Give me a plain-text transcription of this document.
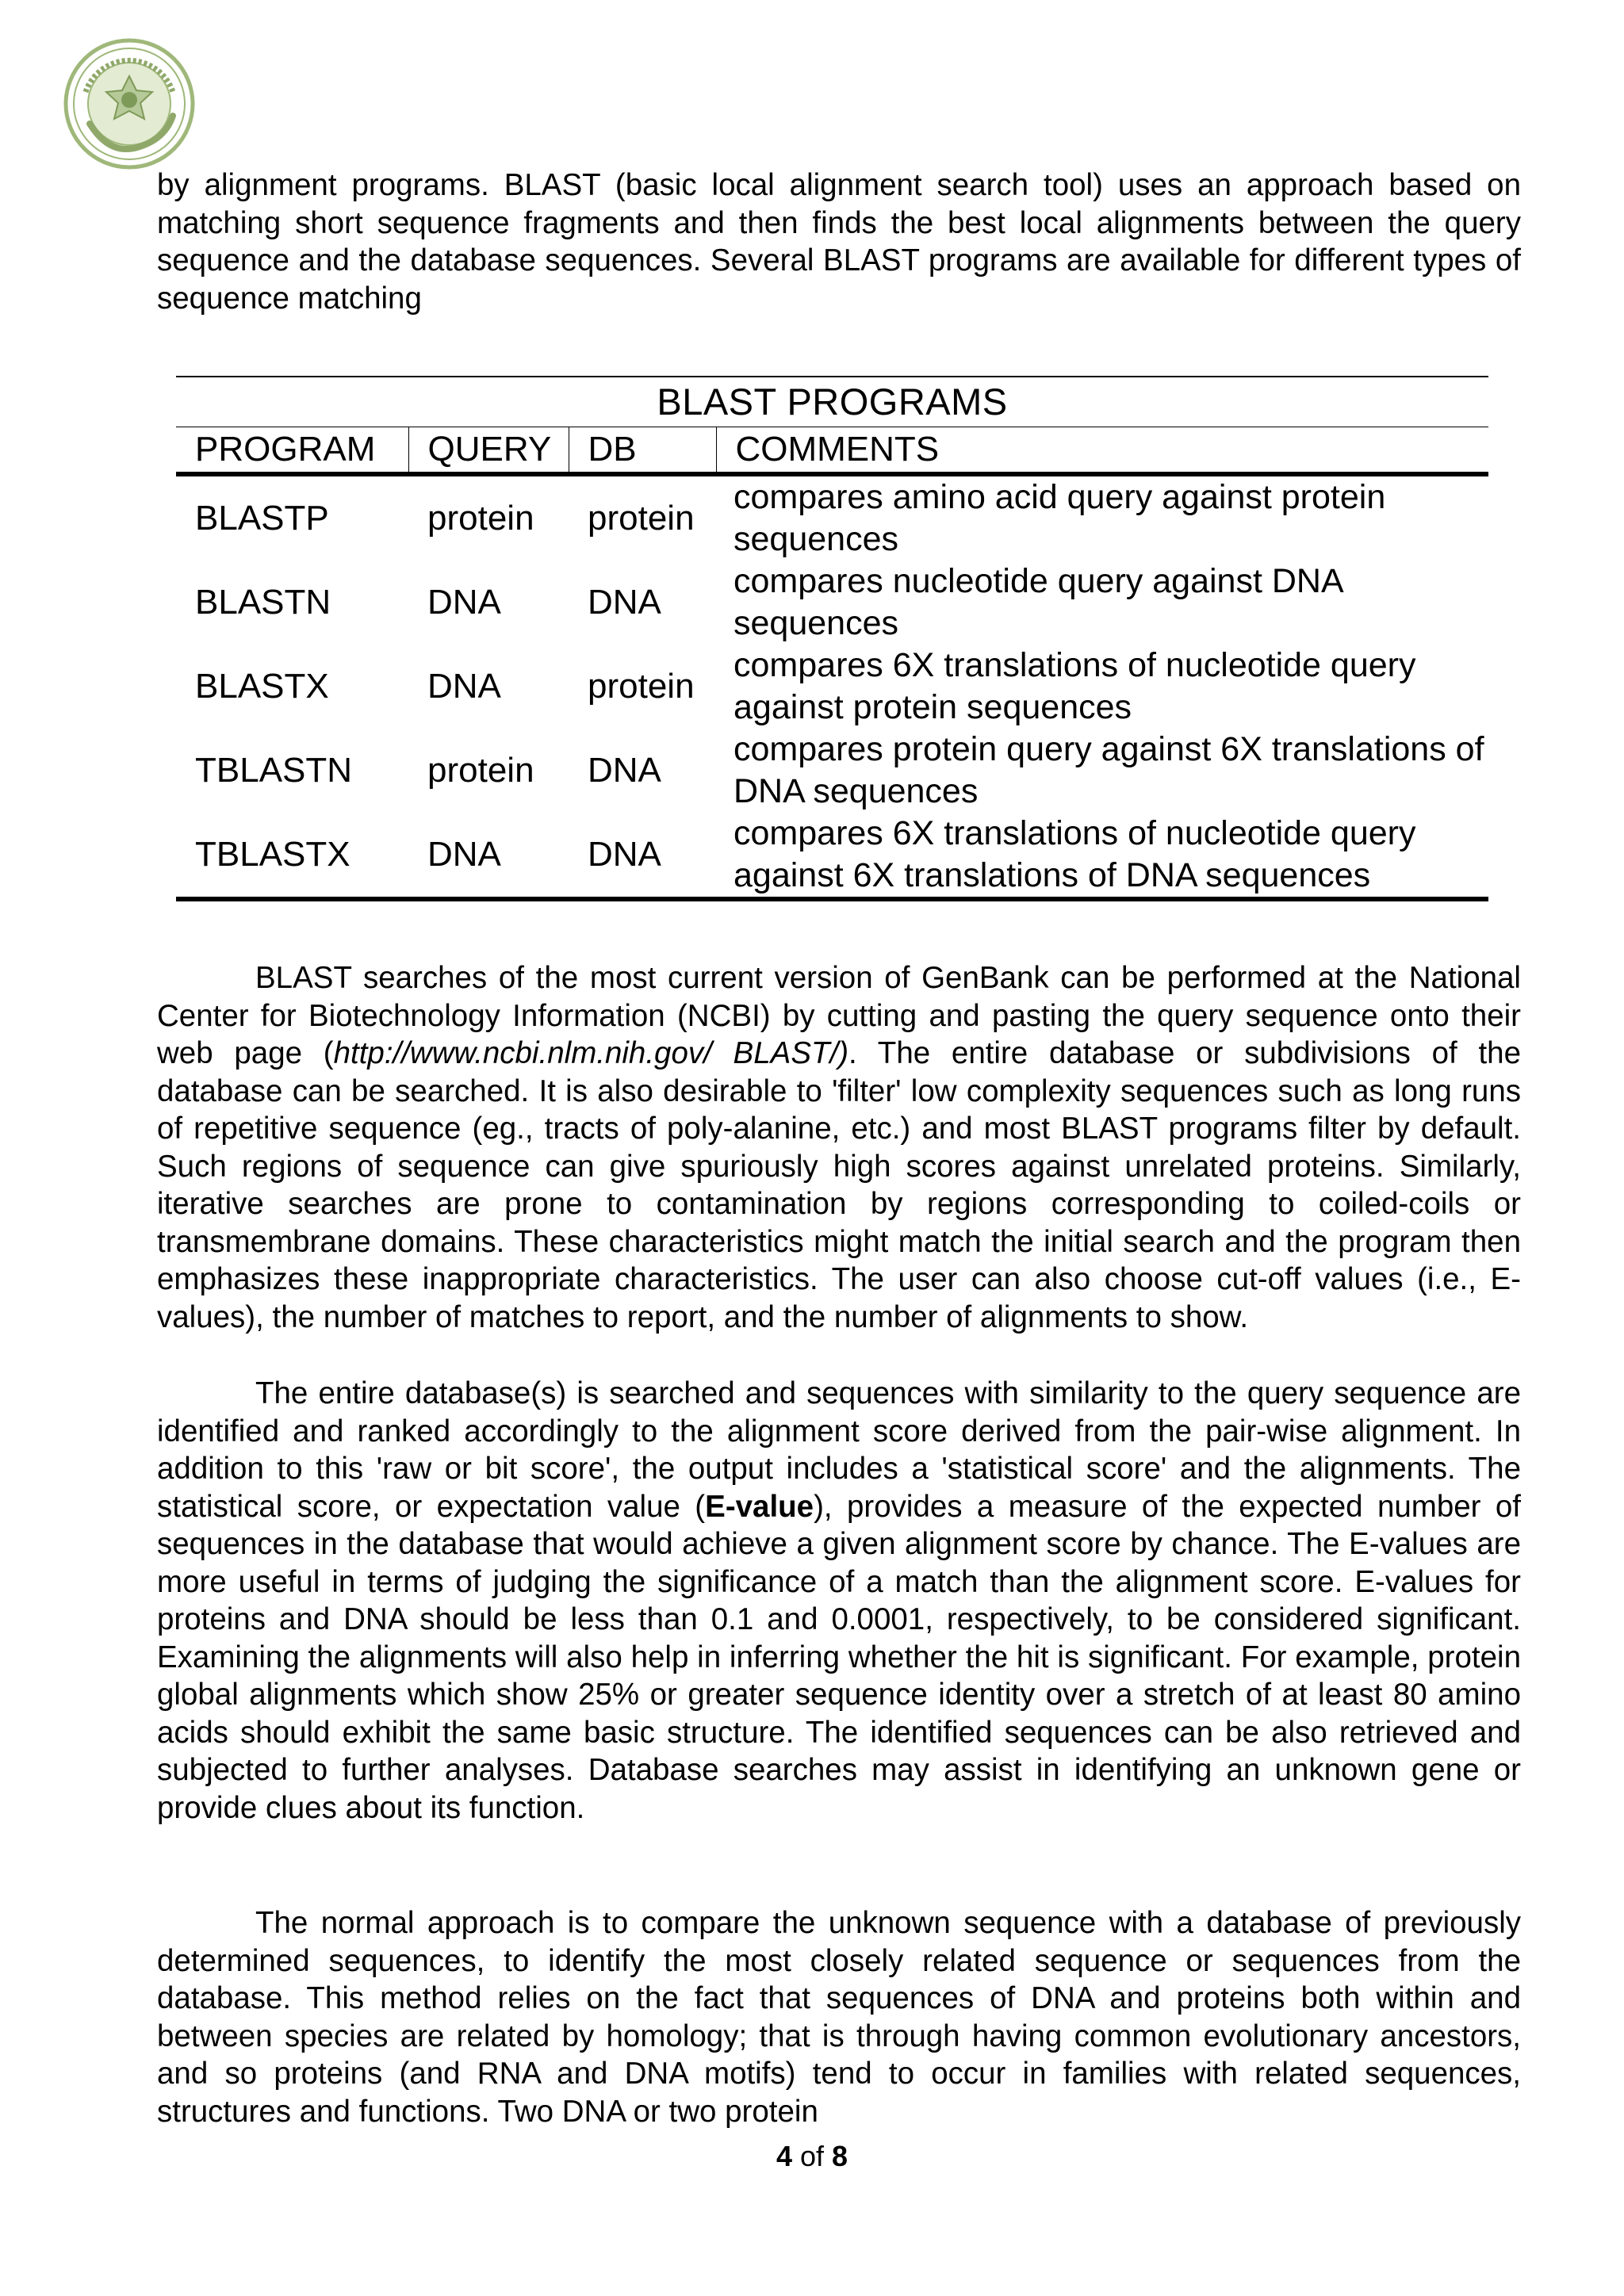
by alignment programs. BLAST (basic local alignment search tool) uses an approach based on matching short sequence fragments and then finds the best local alignments between the query sequence and the database sequences. Several BLAST programs are available for different types of sequence matching

BLAST PROGRAMS
PROGRAM	QUERY	DB	COMMENTS
BLASTP	protein	protein	compares amino acid query against protein sequences
BLASTN	DNA	DNA	compares nucleotide query against DNA sequences
BLASTX	DNA	protein	compares 6X translations of nucleotide query against protein sequences
TBLASTN	protein	DNA	compares protein query against 6X translations of DNA sequences
TBLASTX	DNA	DNA	compares 6X translations of nucleotide query against 6X translations of DNA sequences

BLAST searches of the most current version of GenBank can be performed at the National Center for Biotechnology Information (NCBI) by cutting and pasting the query sequence onto their web page (http://www.ncbi.nlm.nih.gov/ BLAST/). The entire database or subdivisions of the database can be searched. It is also desirable to 'filter' low complexity sequences such as long runs of repetitive sequence (eg., tracts of poly-alanine, etc.) and most BLAST programs filter by default. Such regions of sequence can give spuriously high scores against unrelated proteins. Similarly, iterative searches are prone to contamination by regions corresponding to coiled-coils or transmembrane domains. These characteristics might match the initial search and the program then emphasizes these inappropriate characteristics. The user can also choose cut-off values (i.e., E-values), the number of matches to report, and the number of alignments to show.

The entire database(s) is searched and sequences with similarity to the query sequence are identified and ranked accordingly to the alignment score derived from the pair-wise alignment. In addition to this 'raw or bit score', the output includes a 'statistical score' and the alignments. The statistical score, or expectation value (E-value), provides a measure of the expected number of sequences in the database that would achieve a given alignment score by chance. The E-values are more useful in terms of judging the significance of a match than the alignment score. E-values for proteins and DNA should be less than 0.1 and 0.0001, respectively, to be considered significant. Examining the alignments will also help in inferring whether the hit is significant. For example, protein global alignments which show 25% or greater sequence identity over a stretch of at least 80 amino acids should exhibit the same basic structure. The identified sequences can be also retrieved and subjected to further analyses. Database searches may assist in identifying an unknown gene or provide clues about its function.

The normal approach is to compare the unknown sequence with a database of previously determined sequences, to identify the most closely related sequence or sequences from the database. This method relies on the fact that sequences of DNA and proteins both within and between species are related by homology; that is through having common evolutionary ancestors, and so proteins (and RNA and DNA motifs) tend to occur in families with related sequences, structures and functions. Two DNA or two protein

4 of 8
